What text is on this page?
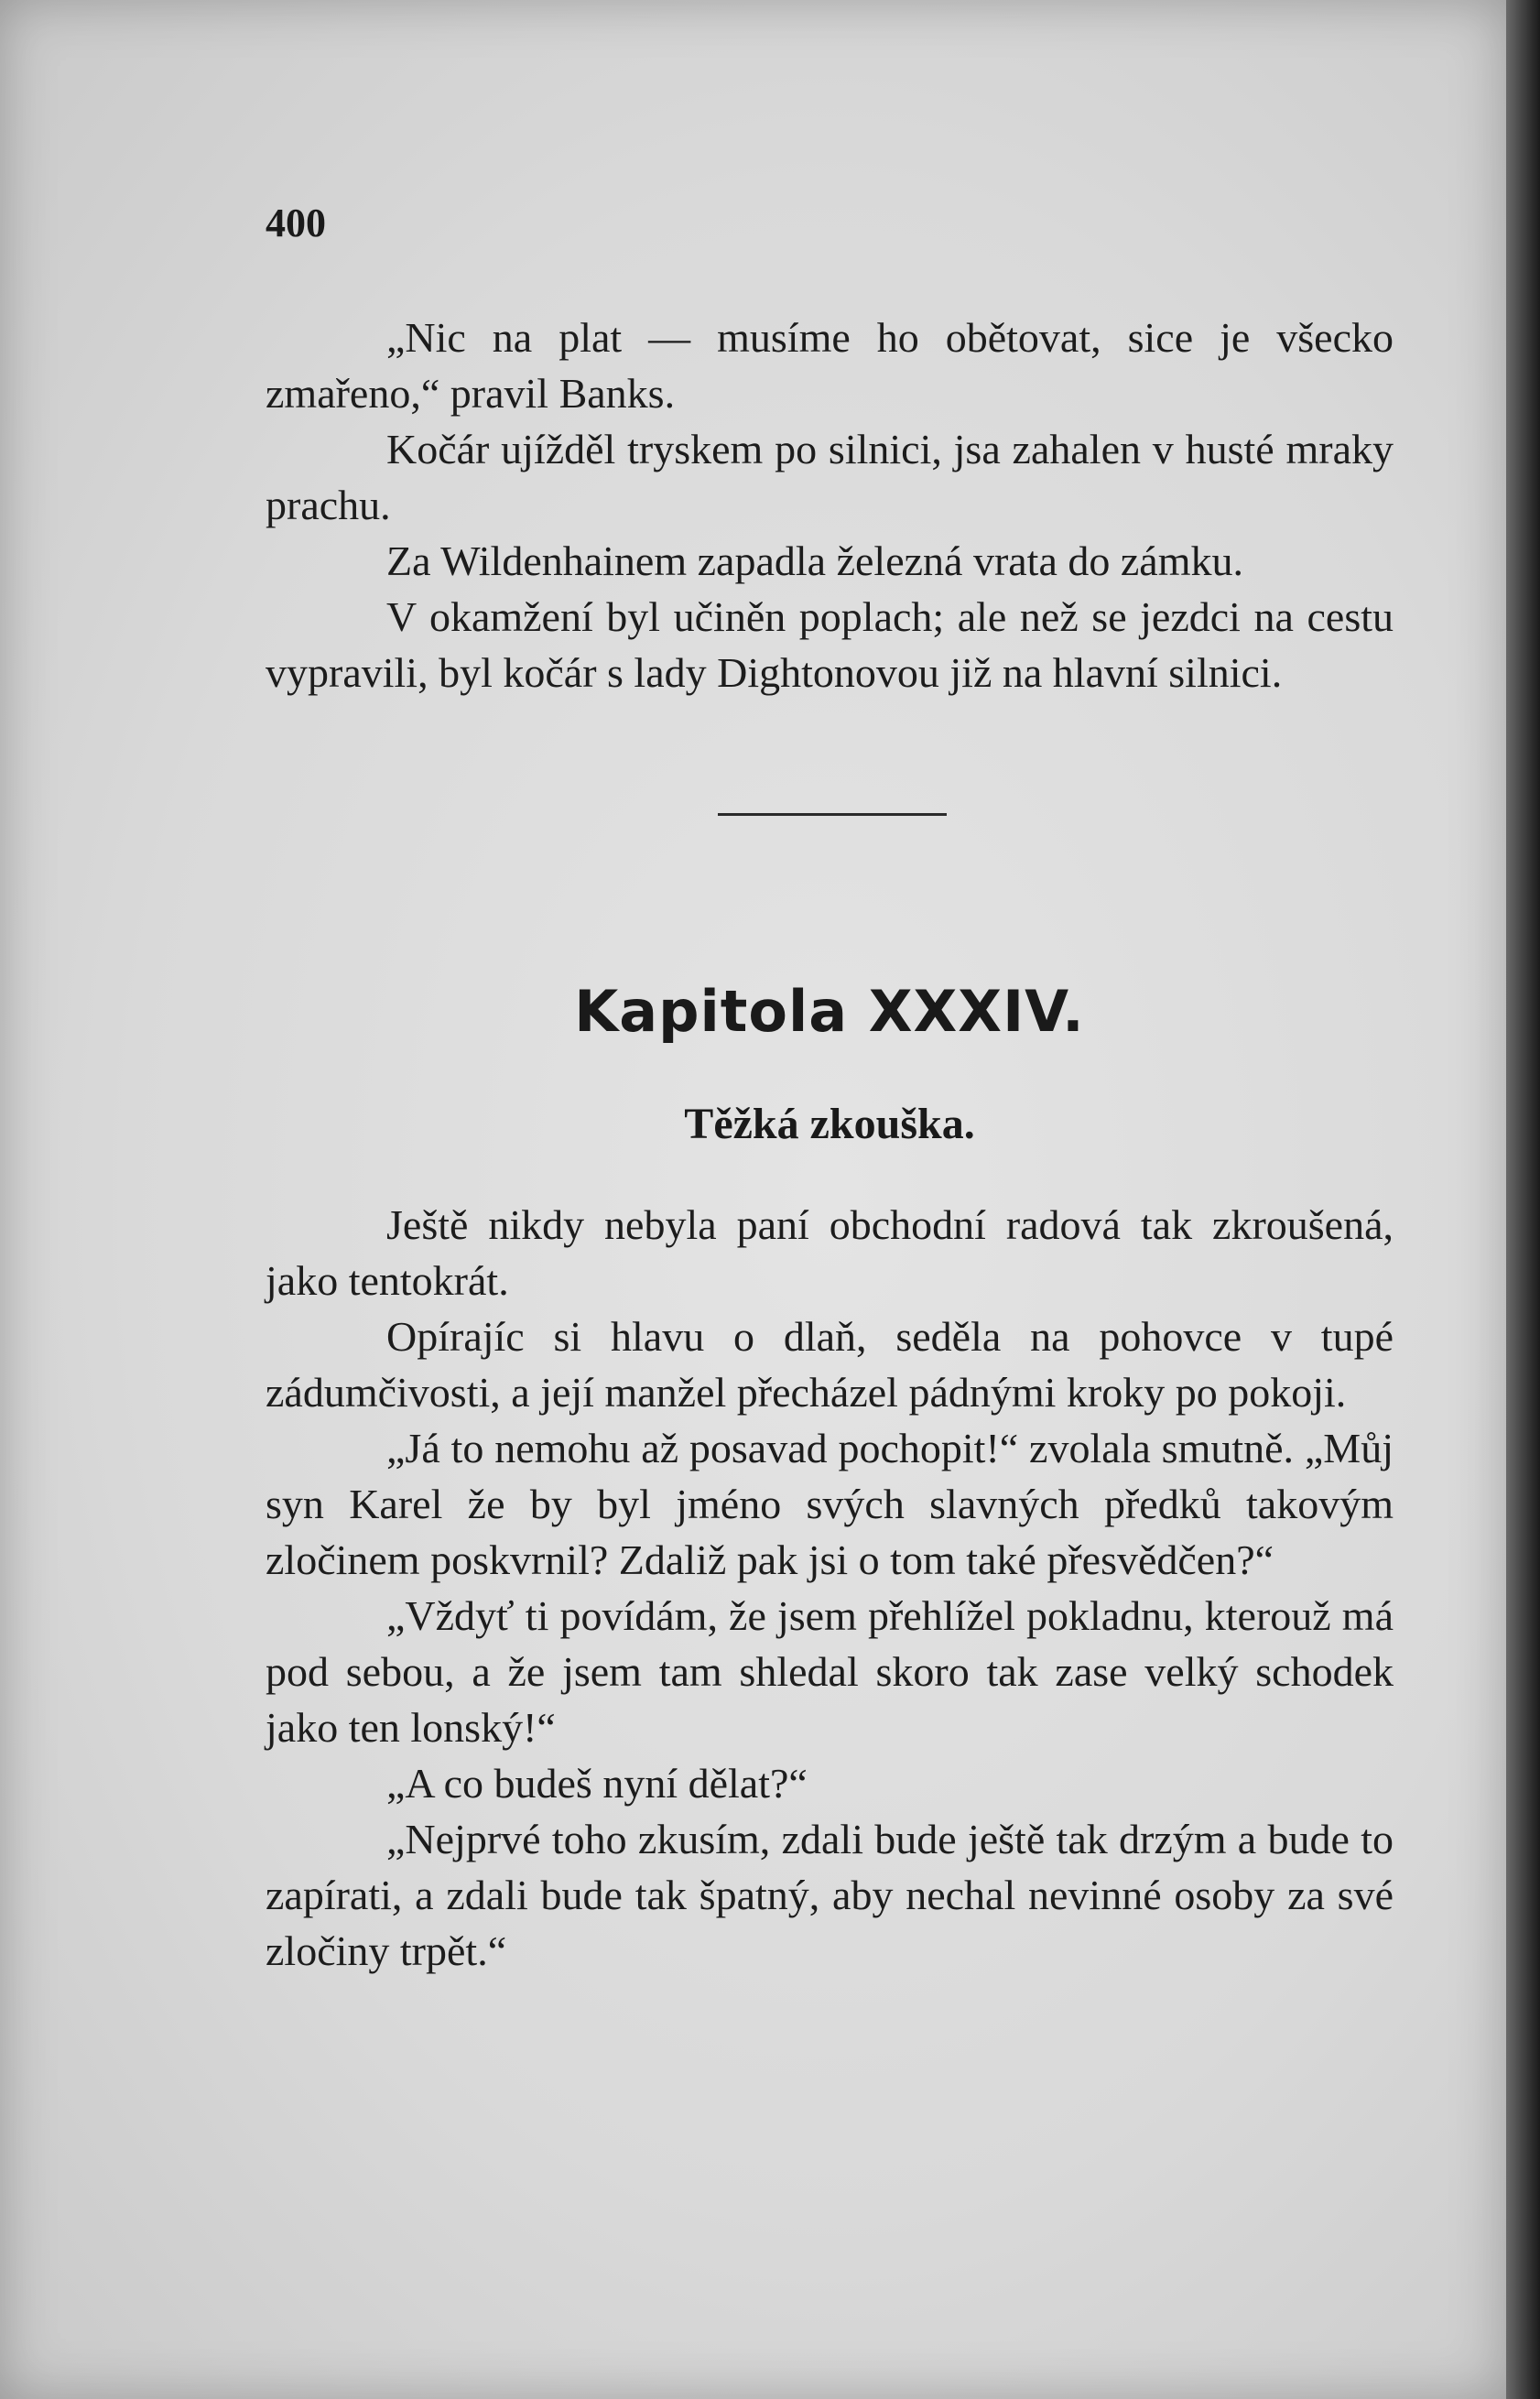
400

„Nic na plat — musíme ho obětovat, sice je všecko zmařeno,“ pravil Banks.

Kočár ujížděl tryskem po silnici, jsa zahalen v husté mraky prachu.

Za Wildenhainem zapadla železná vrata do zámku.

V okamžení byl učiněn poplach; ale než se jezdci na cestu vypravili, byl kočár s lady Dightonovou již na hlavní silnici.

Kapitola XXXIV.
Těžká zkouška.

Ještě nikdy nebyla paní obchodní radová tak zkroušená, jako tentokrát.

Opírajíc si hlavu o dlaň, seděla na pohovce v tupé zádumčivosti, a její manžel přecházel pádnými kroky po pokoji.

„Já to nemohu až posavad pochopit!“ zvolala smutně. „Můj syn Karel že by byl jméno svých slavných předků takovým zločinem poskvrnil? Zdaliž pak jsi o tom také přesvědčen?“

„Vždyť ti povídám, že jsem přehlížel pokladnu, kterouž má pod sebou, a že jsem tam shledal skoro tak zase velký schodek jako ten lonský!“

„A co budeš nyní dělat?“

„Nejprvé toho zkusím, zdali bude ještě tak drzým a bude to zapírati, a zdali bude tak špatný, aby nechal nevinné osoby za své zločiny trpět.“
